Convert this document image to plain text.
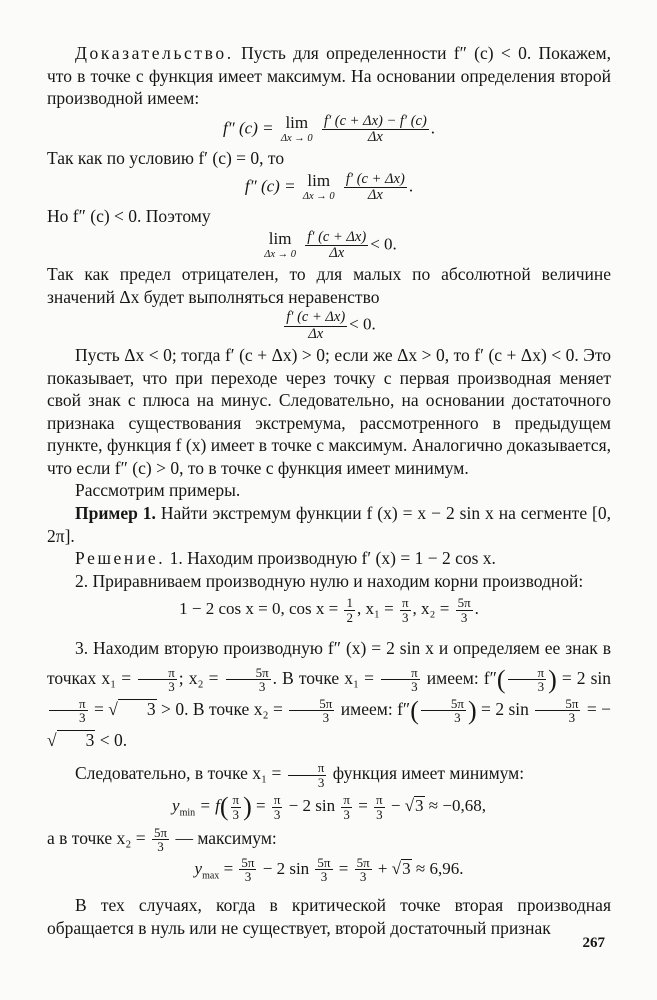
Доказательство. Пусть для определенности f″ (c) < 0. Покажем, что в точке c функция имеет максимум. На основании определения второй производной имеем:

f″ (c) = lim
Δx → 0
$\frac{f' (c + \Delta x) - f' (c)}{\Delta x}$ .

Так как по условию f′ (c) = 0, то

f″ (c) = lim
Δx → 0
$\frac{f' (c + \Delta x)}{\Delta x}$ .

Но f″ (c) < 0. Поэтому

lim
Δx → 0
$\frac{f' (c + \Delta x)}{\Delta x} < 0$.

Так как предел отрицателен, то для малых по абсолютной величине значений Δx будет выполняться неравенство

$\frac{f' (c + \Delta x)}{\Delta x} < 0$.

Пусть Δx < 0; тогда f′ (c + Δx) > 0; если же Δx > 0, то f′ (c + Δx) < 0. Это показывает, что при переходе через точку c первая производная меняет свой знак с плюса на минус. Следовательно, на основании достаточного признака существования экстремума, рассмотренного в предыдущем пункте, функция f (x) имеет в точке c максимум. Аналогично доказывается, что если f″ (c) > 0, то в точке c функция имеет минимум.

Рассмотрим примеры.

Пример 1. Найти экстремум функции f (x) = x − 2 sin x на сегменте [0, 2π].

Решение. 1. Находим производную f′ (x) = 1 − 2 cos x.

2. Приравниваем производную нулю и находим корни производной:

1 − 2 cos x = 0, $\cos x = \frac{1}{2}$ , $x_1 = \frac{\pi}{3}$ , $x_2 = \frac{5\pi}{3}$ .

3. Находим вторую производную f″ (x) = 2 sin x и определяем ее знак в точках $x_1 = \frac{\pi}{3}$ ; $x_2 = \frac{5\pi}{3}$ . В точке $x_1 = \frac{\pi}{3}$ имеем: $f''( \frac{\pi}{3}$ ) = 2 sin
$\frac{\pi}{3}$ = √ 3 > 0. В точке $x_2 = \frac{5\pi}{3}$ имеем: $f''( \frac{5\pi}{3}$ ) = 2 $\sin \frac{5\pi}{3}$ = − √ 3 < 0.

Следовательно, в точке $x_1 = \frac{\pi}{3}$ функция имеет минимум:

$y_{min} = f( \frac{\pi}{3}$ ) = $\frac{\pi}{3} - 2$ $\sin \frac{\pi}{3} = \frac{\pi}{3} - √3 \approx -0,68$,

а в точке $x_2 = \frac{5\pi}{3}$ — максимум:

$y_{max} = \frac{5\pi}{3} - 2$ $\sin \frac{5\pi}{3} = \frac{5\pi}{3} + √3 \approx 6,96$.

В тех случаях, когда в критической точке вторая производная обращается в нуль или не существует, второй достаточный признак

267
